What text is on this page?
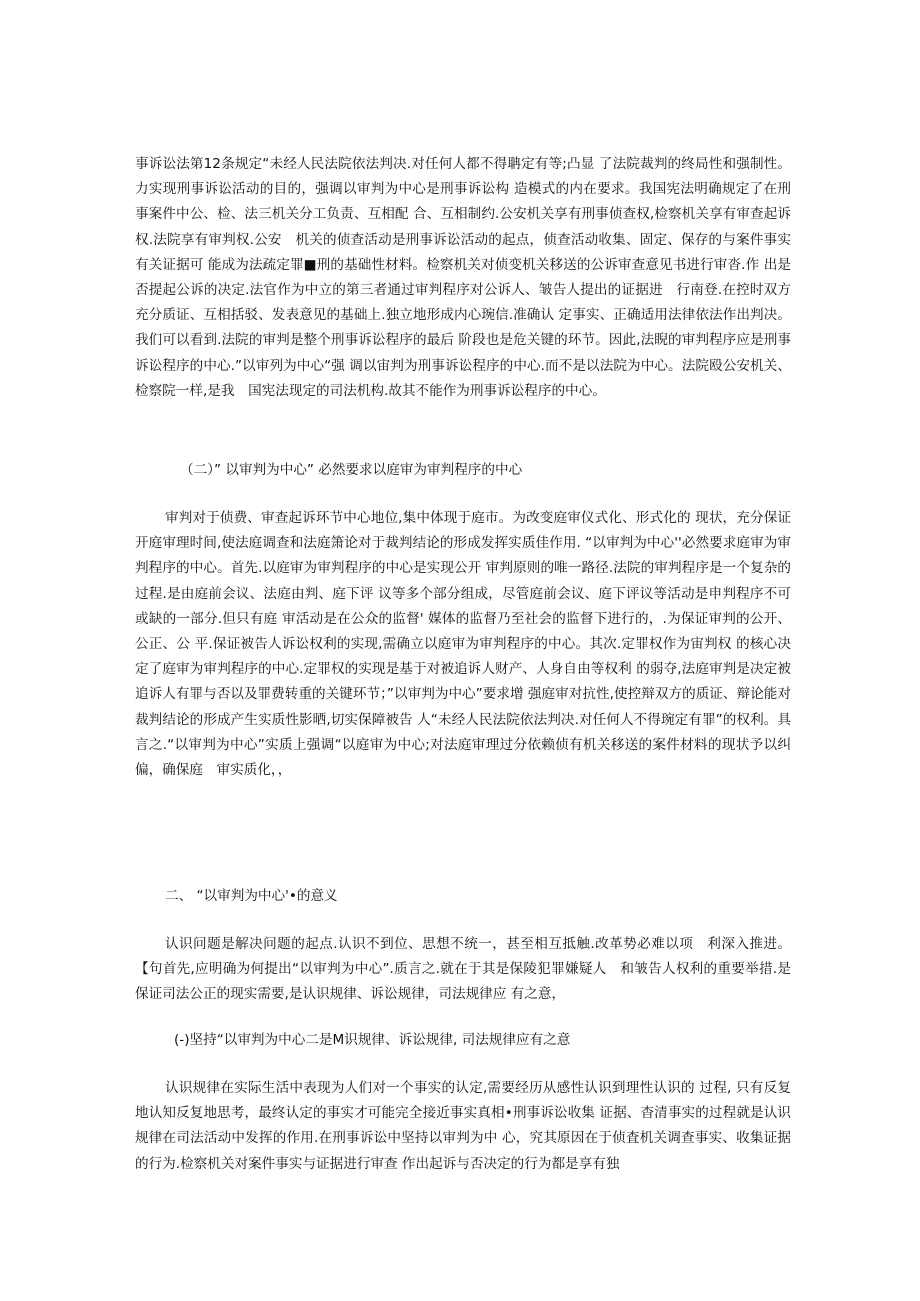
事诉讼法第12条规定“未经人民法院依法判决.对任何人都不得聃定有等;凸显 了法院裁判的终局性和强制性。力实现刑事诉讼活动的目的，强调以审判为中心是刑事诉讼构 造模式的内在要求。我国宪法明确规定了在刑事案件中公、检、法三机关分工负责、互相配 合、互相制约.公安机关享有刑事侦查权,检察机关享有审查起诉权.法院享有审判权.公安　机关的侦查活动是刑事诉讼活动的起点，侦查活动收集、固定、保存的与案件事实有关证据可 能成为法疏定罪■刑的基础性材料。检察机关对侦变机关移送的公诉审查意见书进行审沓.作 出是否提起公诉的决定.法官作为中立的第三者通过审判程序对公诉人、皱告人提出的证据进　行南登.在控时双方充分质证、互相括驳、发表意见的基础上.独立地形成内心琬信.准确认 定事实、正确适用法律依法作出判决。我们可以看到.法院的审判是整个刑事诉讼程序的最后 阶段也是危关键的环节。因此,法睨的审判程序应是刑事诉讼程序的中心.”以审列为中心“强 调以宙判为刑事诉讼程序的中心.而不是以法院为中心。法院殴公安机关、检察院一样,是我　国宪法现定的司法机构.故其不能作为刑事诉讼程序的中心。

（二）” 以审判为中心” 必然要求以庭审为审判程序的中心

审判对于侦费、审查起诉环节中心地位,集中体现于庭市。为改变庭审仪式化、形式化的 现状，充分保证开庭审理时间,使法庭调查和法庭箫论对于裁判结论的形成发挥实质佳作用. “以审判为中心''必然要求庭审为审判程序的中心。首先.以庭审为审判程序的中心是实现公开 审判原则的唯一路径.法院的审判程序是一个复杂的过程.是由庭前会议、法庭由判、庭下评 议等多个部分组成，尽管庭前会议、庭下评议等活动是申判程序不可或缺的一部分.但只有庭 审活动是在公众的监督' 媒体的监督乃至社会的监督下进行的，.为保证审判的公开、公正、公 平.保证被告人诉讼权利的实现,需确立以庭审为审判程序的中心。其次.定罪权作为宙判权 的核心决定了庭审为审判程序的中心.定罪权的实现是基于对被追诉人财产、人身自由等权利 的弱夺,法庭审判是决定被追诉人有罪与否以及罪费转重的关键环节；”以审判为中心”要求增 强庭审对抗性,使控辩双方的质证、辩论能对裁判结论的形成产生实质性影晒,切实保障被告 人“未经人民法院依法判决.对任何人不得琬定有罪”的权利。具言之.“以审判为中心”实质上强调“以庭审为中心;对法庭审理过分依赖侦有机关移送的案件材料的现状予以纠偏，确保庭　审实质化，，

二、 “以审判为中心'•的意义

认识问题是解决问题的起点.认识不到位、思想不统一，甚至相互抵触.改革势必难以项　利深入推进。【句首先,应明确为何提出“以审判为中心”.质言之.就在于其是保陵犯罪嫌疑人　和皱告人权利的重要举措.是保证司法公正的现实需要,是认识规律、诉讼规律，司法规律应 有之意，

(-)坚持“以审判为中心二是M识规律、诉讼规律, 司法规律应有之意

认识规律在实际生活中表现为人们对一个事实的认定,需要经历从感性认识到理性认识的 过程, 只有反复地认知反复地思考，最终认定的事实才可能完全接近事实真相•刑事诉讼收集 证据、杳清事实的过程就是认识规律在司法活动中发挥的作用.在刑事诉讼中坚持以审判为中 心，究其原因在于侦査机关调查事实、收集证据的行为.检察机关对案件事实与证据进行审查 作出起诉与否决定的行为都是享有独
